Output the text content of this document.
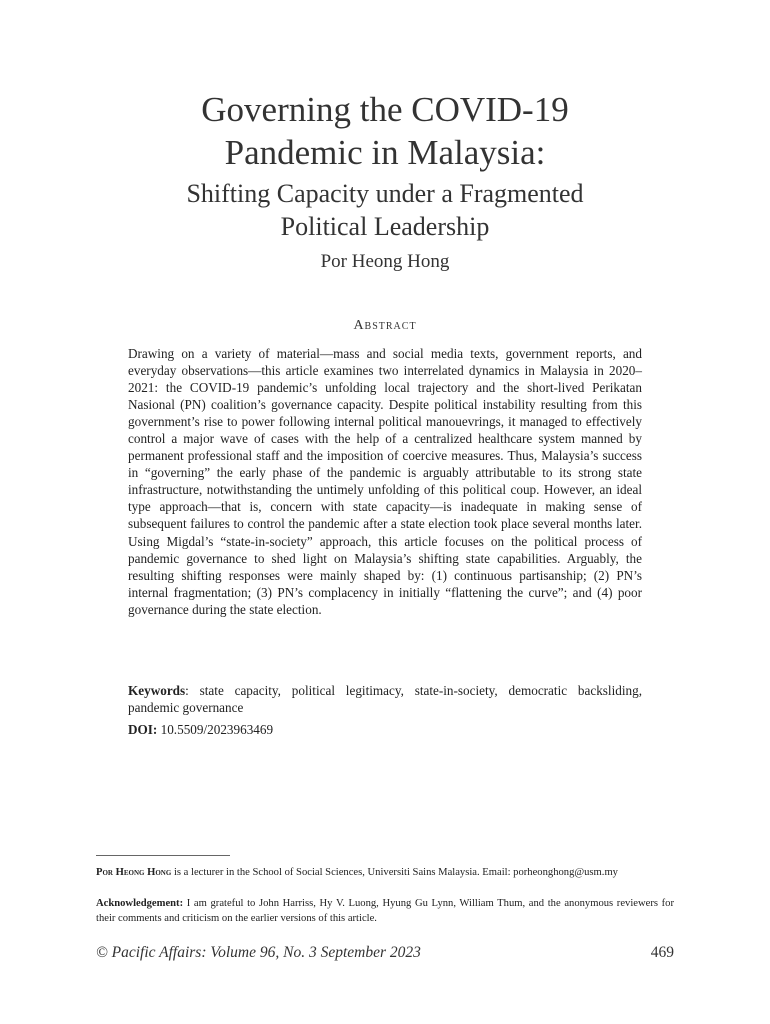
Governing the COVID-19
Pandemic in Malaysia:
Shifting Capacity under a Fragmented
Political Leadership
Por Heong Hong
Abstract
Drawing on a variety of material—mass and social media texts, government reports, and everyday observations—this article examines two interrelated dynamics in Malaysia in 2020–2021: the COVID-19 pandemic’s unfolding local trajectory and the short-lived Perikatan Nasional (PN) coalition’s governance capacity. Despite political instability resulting from this government’s rise to power following internal political manouevrings, it managed to effectively control a major wave of cases with the help of a centralized healthcare system manned by permanent professional staff and the imposition of coercive measures. Thus, Malaysia’s success in “governing” the early phase of the pandemic is arguably attributable to its strong state infrastructure, notwithstanding the untimely unfolding of this political coup. However, an ideal type approach—that is, concern with state capacity—is inadequate in making sense of subsequent failures to control the pandemic after a state election took place several months later. Using Migdal’s “state-in-society” approach, this article focuses on the political process of pandemic governance to shed light on Malaysia’s shifting state capabilities. Arguably, the resulting shifting responses were mainly shaped by: (1) continuous partisanship; (2) PN’s internal fragmentation; (3) PN’s complacency in initially “flattening the curve”; and (4) poor governance during the state election.
Keywords: state capacity, political legitimacy, state-in-society, democratic backsliding, pandemic governance
DOI: 10.5509/2023963469
Por Heong Hong is a lecturer in the School of Social Sciences, Universiti Sains Malaysia. Email: porheonghong@usm.my
Acknowledgement: I am grateful to John Harriss, Hy V. Luong, Hyung Gu Lynn, William Thum, and the anonymous reviewers for their comments and criticism on the earlier versions of this article.
© Pacific Affairs: Volume 96, No. 3 September 2023	469
